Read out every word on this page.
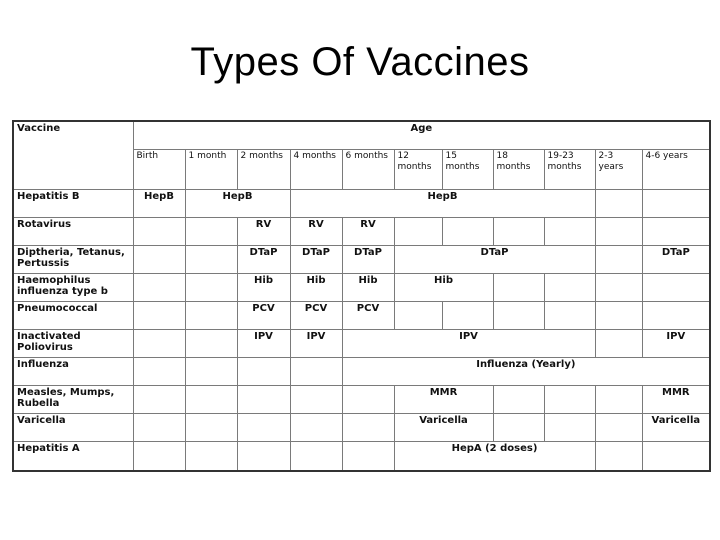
Types Of Vaccines
Vaccine	Age										
	Birth	1 month	2 months	4 months	6 months	12 months	15 months	18 months	19-23 months	2-3 years	4-6 years
Hepatitis B	HepB	HepB		HepB							
Rotavirus			RV	RV	RV						
Diptheria, Tetanus, Pertussis			DTaP	DTaP	DTaP	DTaP					DTaP
Haemophilus influenza type b			Hib	Hib	Hib	Hib					
Pneumococcal			PCV	PCV	PCV						
Inactivated Poliovirus			IPV	IPV	IPV						IPV
Influenza					Influenza (Yearly)						
Measles, Mumps, Rubella						MMR					MMR
Varicella						Varicella					Varicella
Hepatitis A						HepA (2 doses)					
